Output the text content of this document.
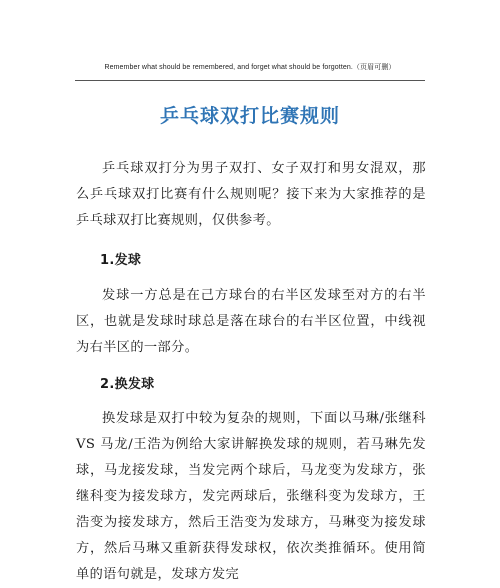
Remember what should be remembered, and forget what should be forgotten.（页眉可删）
乒乓球双打比赛规则
乒乓球双打分为男子双打、女子双打和男女混双，那么乒乓球双打比赛有什么规则呢？接下来为大家推荐的是乒乓球双打比赛规则，仅供参考。
1.发球
发球一方总是在己方球台的右半区发球至对方的右半区，也就是发球时球总是落在球台的右半区位置，中线视为右半区的一部分。
2.换发球
换发球是双打中较为复杂的规则，下面以马琳/张继科 VS 马龙/王浩为例给大家讲解换发球的规则，若马琳先发球，马龙接发球，当发完两个球后，马龙变为发球方，张继科变为接发球方，发完两球后，张继科变为发球方，王浩变为接发球方，然后王浩变为发球方，马琳变为接发球方，然后马琳又重新获得发球权，依次类推循环。使用简单的语句就是，发球方发完
